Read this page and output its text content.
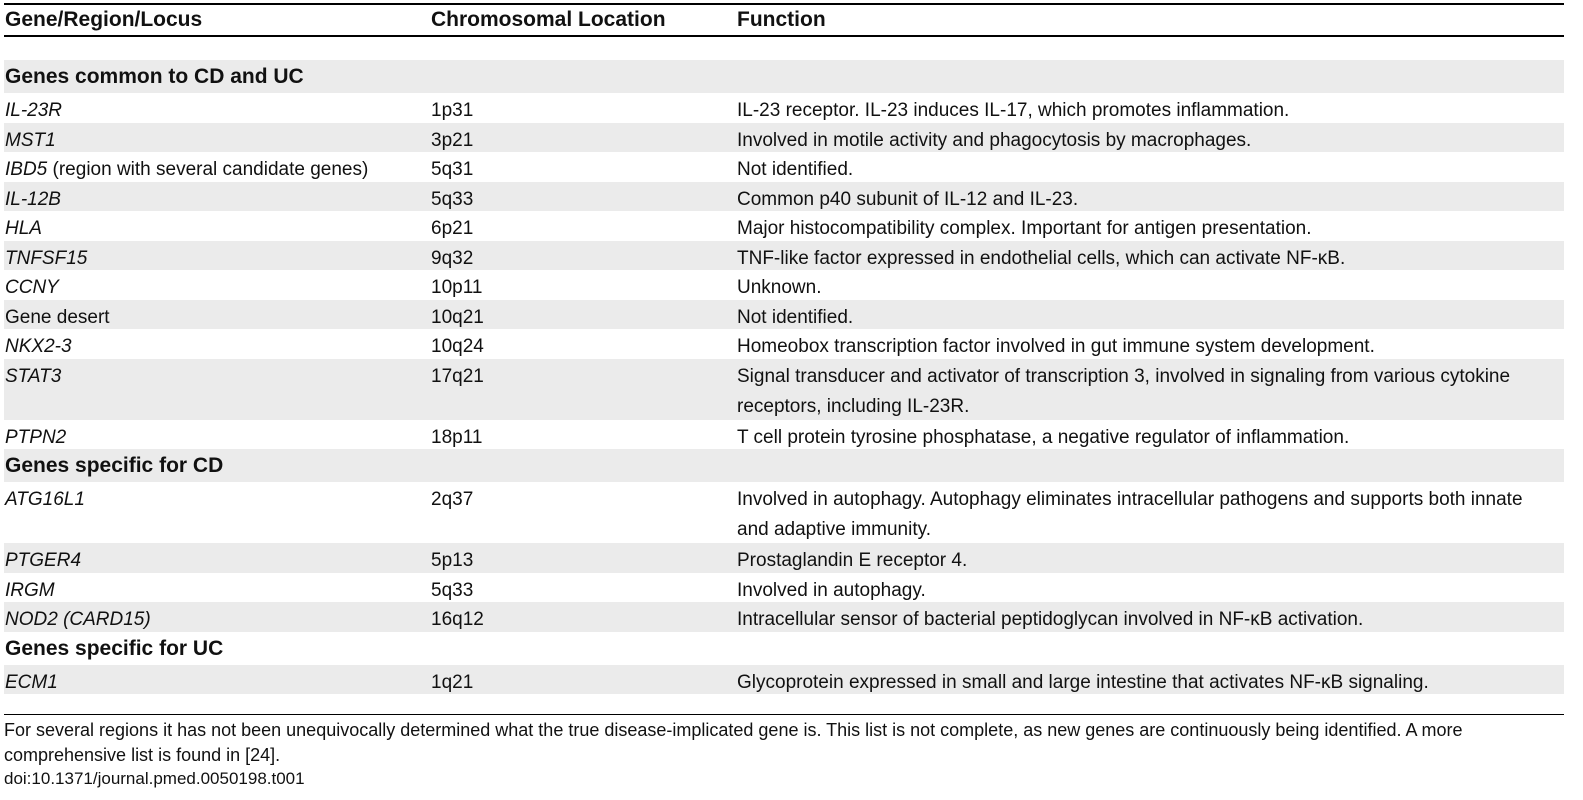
Gene/Region/Locus	Chromosomal Location	Function
Genes common to CD and UC
IL-23R	1p31	IL-23 receptor. IL-23 induces IL-17, which promotes inflammation.
MST1	3p21	Involved in motile activity and phagocytosis by macrophages.
IBD5 (region with several candidate genes)	5q31	Not identified.
IL-12B	5q33	Common p40 subunit of IL-12 and IL-23.
HLA	6p21	Major histocompatibility complex. Important for antigen presentation.
TNFSF15	9q32	TNF-like factor expressed in endothelial cells, which can activate NF-κB.
CCNY	10p11	Unknown.
Gene desert	10q21	Not identified.
NKX2-3	10q24	Homeobox transcription factor involved in gut immune system development.
STAT3	17q21	Signal transducer and activator of transcription 3, involved in signaling from various cytokine receptors, including IL-23R.
PTPN2	18p11	T cell protein tyrosine phosphatase, a negative regulator of inflammation.
Genes specific for CD
ATG16L1	2q37	Involved in autophagy. Autophagy eliminates intracellular pathogens and supports both innate and adaptive immunity.
PTGER4	5p13	Prostaglandin E receptor 4.
IRGM	5q33	Involved in autophagy.
NOD2 (CARD15)	16q12	Intracellular sensor of bacterial peptidoglycan involved in NF-κB activation.
Genes specific for UC
ECM1	1q21	Glycoprotein expressed in small and large intestine that activates NF-κB signaling.
For several regions it has not been unequivocally determined what the true disease-implicated gene is. This list is not complete, as new genes are continuously being identified. A more comprehensive list is found in [24].
doi:10.1371/journal.pmed.0050198.t001
